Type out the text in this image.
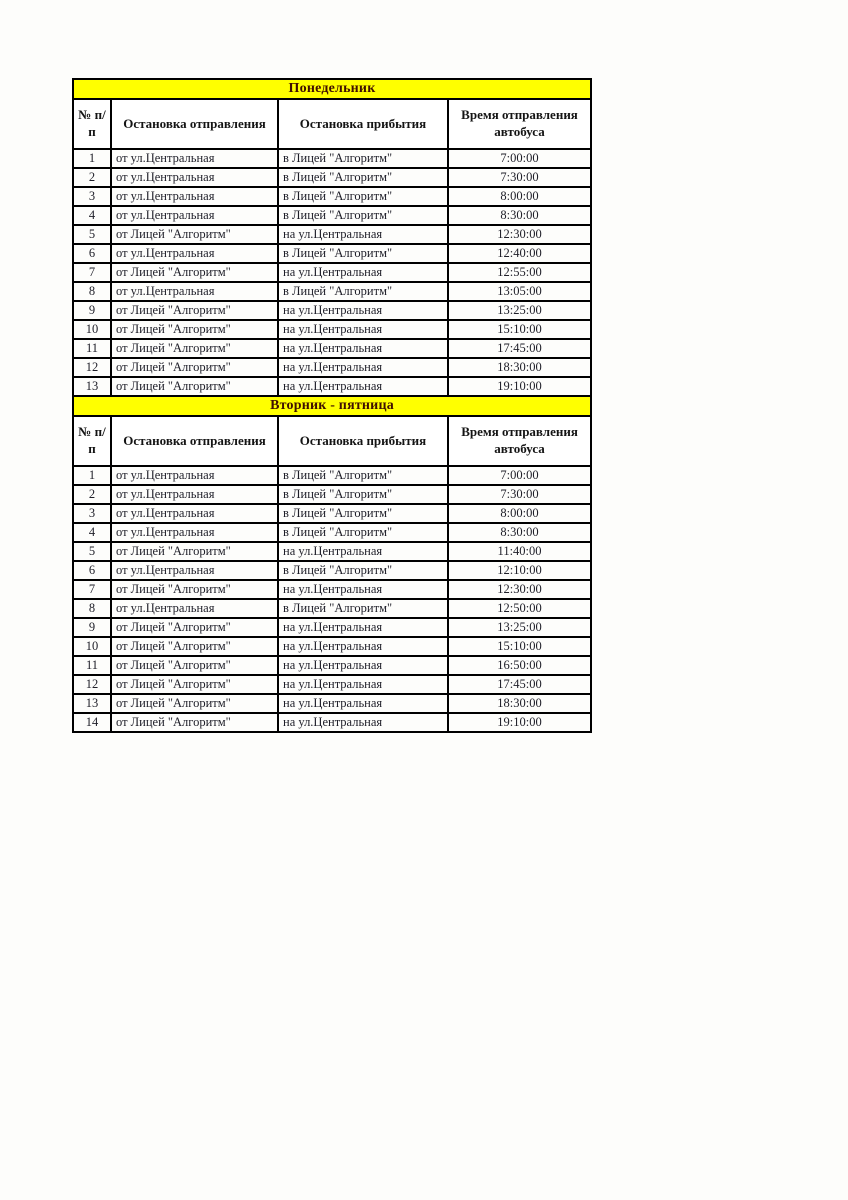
Понедельник			
№ п/п	Остановка отправления	Остановка прибытия	Время отправления автобуса
1	от ул.Центральная	в Лицей "Алгоритм"	7:00:00
2	от ул.Центральная	в Лицей "Алгоритм"	7:30:00
3	от ул.Центральная	в Лицей "Алгоритм"	8:00:00
4	от ул.Центральная	в Лицей "Алгоритм"	8:30:00
5	от Лицей "Алгоритм"	на ул.Центральная	12:30:00
6	от ул.Центральная	в Лицей "Алгоритм"	12:40:00
7	от Лицей "Алгоритм"	на ул.Центральная	12:55:00
8	от ул.Центральная	в Лицей "Алгоритм"	13:05:00
9	от Лицей "Алгоритм"	на ул.Центральная	13:25:00
10	от Лицей "Алгоритм"	на ул.Центральная	15:10:00
11	от Лицей "Алгоритм"	на ул.Центральная	17:45:00
12	от Лицей "Алгоритм"	на ул.Центральная	18:30:00
13	от Лицей "Алгоритм"	на ул.Центральная	19:10:00
Вторник - пятница			
№ п/п	Остановка отправления	Остановка прибытия	Время отправления автобуса
1	от ул.Центральная	в Лицей "Алгоритм"	7:00:00
2	от ул.Центральная	в Лицей "Алгоритм"	7:30:00
3	от ул.Центральная	в Лицей "Алгоритм"	8:00:00
4	от ул.Центральная	в Лицей "Алгоритм"	8:30:00
5	от Лицей "Алгоритм"	на ул.Центральная	11:40:00
6	от ул.Центральная	в Лицей "Алгоритм"	12:10:00
7	от Лицей "Алгоритм"	на ул.Центральная	12:30:00
8	от ул.Центральная	в Лицей "Алгоритм"	12:50:00
9	от Лицей "Алгоритм"	на ул.Центральная	13:25:00
10	от Лицей "Алгоритм"	на ул.Центральная	15:10:00
11	от Лицей "Алгоритм"	на ул.Центральная	16:50:00
12	от Лицей "Алгоритм"	на ул.Центральная	17:45:00
13	от Лицей "Алгоритм"	на ул.Центральная	18:30:00
14	от Лицей "Алгоритм"	на ул.Центральная	19:10:00
